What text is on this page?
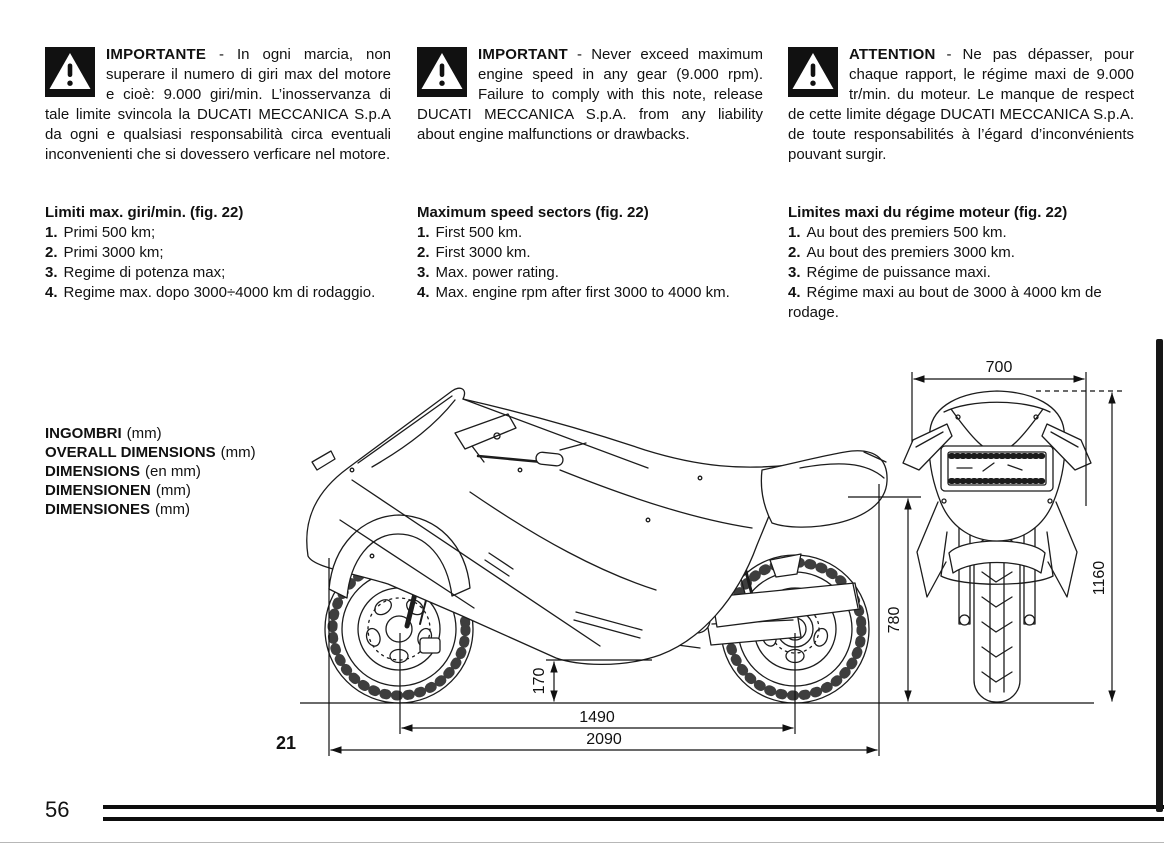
IMPORTANTE - In ogni marcia, non superare il numero di giri max del motore e cioè: 9.000 giri/min. L’inosservanza di tale limite svincola la DUCATI MECCANICA S.p.A da ogni e qualsiasi responsabilità circa eventuali inconvenienti che si dovessero verficare nel motore.

Limiti max. giri/min. (fig. 22)
1. Primi 500 km;
2. Primi 3000 km;
3. Regime di potenza max;
4. Regime max. dopo 3000÷4000 km di rodaggio.

IMPORTANT - Never exceed maximum engine speed in any gear (9.000 rpm). Failure to comply with this note, release DUCATI MECCANICA S.p.A. from any liability about engine malfunctions or drawbacks.

Maximum speed sectors (fig. 22)
1. First 500 km.
2. First 3000 km.
3. Max. power rating.
4. Max. engine rpm after first 3000 to 4000 km.

ATTENTION - Ne pas dépasser, pour chaque rapport, le régime maxi de 9.000 tr/min. du moteur. Le manque de respect de cette limite dégage DUCATI MECCANICA S.p.A. de toute responsabilités à l’égard d’inconvénients pouvant surgir.

Limites maxi du régime moteur (fig. 22)
1. Au bout des premiers 500 km.
2. Au bout des premiers 3000 km.
3. Régime de puissance maxi.
4. Régime maxi au bout de 3000 à 4000 km de rodage.
INGOMBRI (mm)
OVERALL DIMENSIONS (mm)
DIMENSIONS (en mm)
DIMENSIONEN (mm)
DIMENSIONES (mm)
700
1160
780
170
1490
2090
21
56
